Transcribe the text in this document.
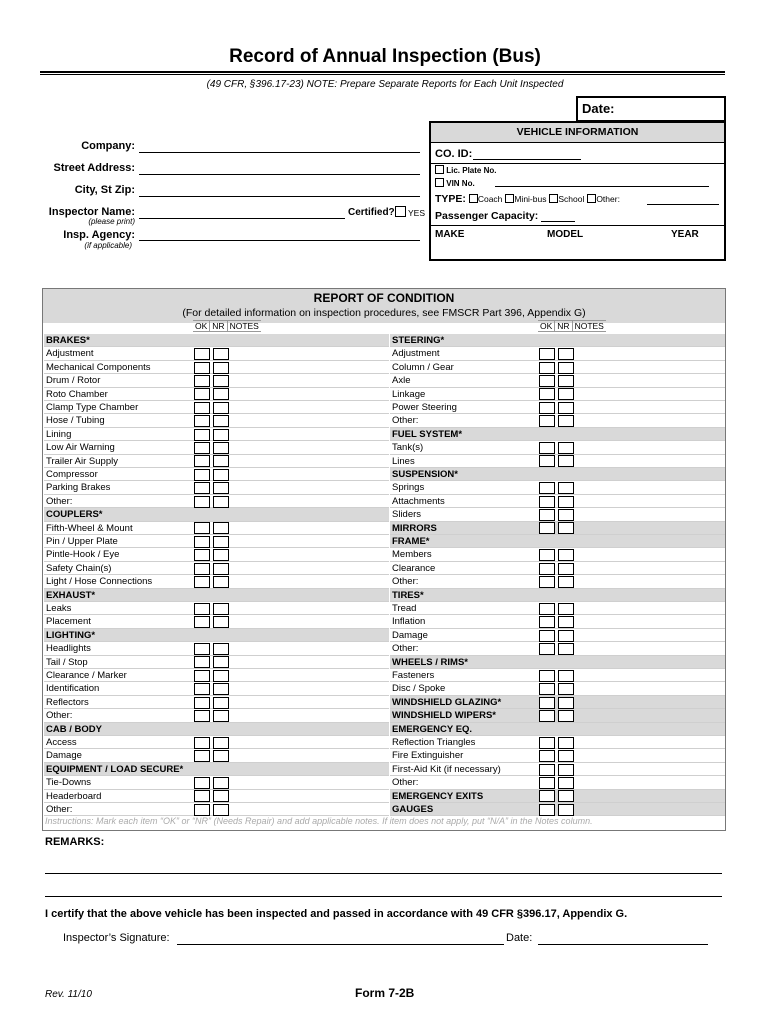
Record of Annual Inspection (Bus)
(49 CFR, §396.17-23) NOTE: Prepare Separate Reports for Each Unit Inspected
Date:
Company:
Street Address:
City, St Zip:
Inspector Name:
(please print)
Certified? YES
Insp. Agency:
(if applicable)
VEHICLE INFORMATION
CO. ID:
Lic. Plate No.
VIN No.
TYPE: Coach Mini-bus School Other:
Passenger Capacity:
MAKE	MODEL	YEAR
REPORT OF CONDITION
(For detailed information on inspection procedures, see FMSCR Part 396, Appendix G)
BRAKES*
Adjustment
Mechanical Components
Drum / Rotor
Roto Chamber
Clamp Type Chamber
Hose / Tubing
Lining
Low Air Warning
Trailer Air Supply
Compressor
Parking Brakes
Other:
COUPLERS*
Fifth-Wheel & Mount
Pin / Upper Plate
Pintle-Hook / Eye
Safety Chain(s)
Light / Hose Connections
EXHAUST*
Leaks
Placement
LIGHTING*
Headlights
Tail / Stop
Clearance / Marker
Identification
Reflectors
Other:
CAB / BODY
Access
Damage
EQUIPMENT / LOAD SECURE*
Tie-Downs
Headerboard
Other:
STEERING*
Adjustment
Column / Gear
Axle
Linkage
Power Steering
Other:
FUEL SYSTEM*
Tank(s)
Lines
SUSPENSION*
Springs
Attachments
Sliders
MIRRORS
FRAME*
Members
Clearance
Other:
TIRES*
Tread
Inflation
Damage
Other:
WHEELS / RIMS*
Fasteners
Disc / Spoke
WINDSHIELD GLAZING*
WINDSHIELD WIPERS*
EMERGENCY EQ.
Reflection Triangles
Fire Extinguisher
First-Aid Kit (if necessary)
Other:
EMERGENCY EXITS
GAUGES
Instructions: Mark each item “OK” or “NR” (Needs Repair) and add applicable notes. If item does not apply, put “N/A” in the Notes column.
OK NR NOTES	OK NR NOTES
REMARKS:
I certify that the above vehicle has been inspected and passed in accordance with 49 CFR §396.17, Appendix G.
Inspector’s Signature:	Date:
Rev. 11/10	Form 7-2B
